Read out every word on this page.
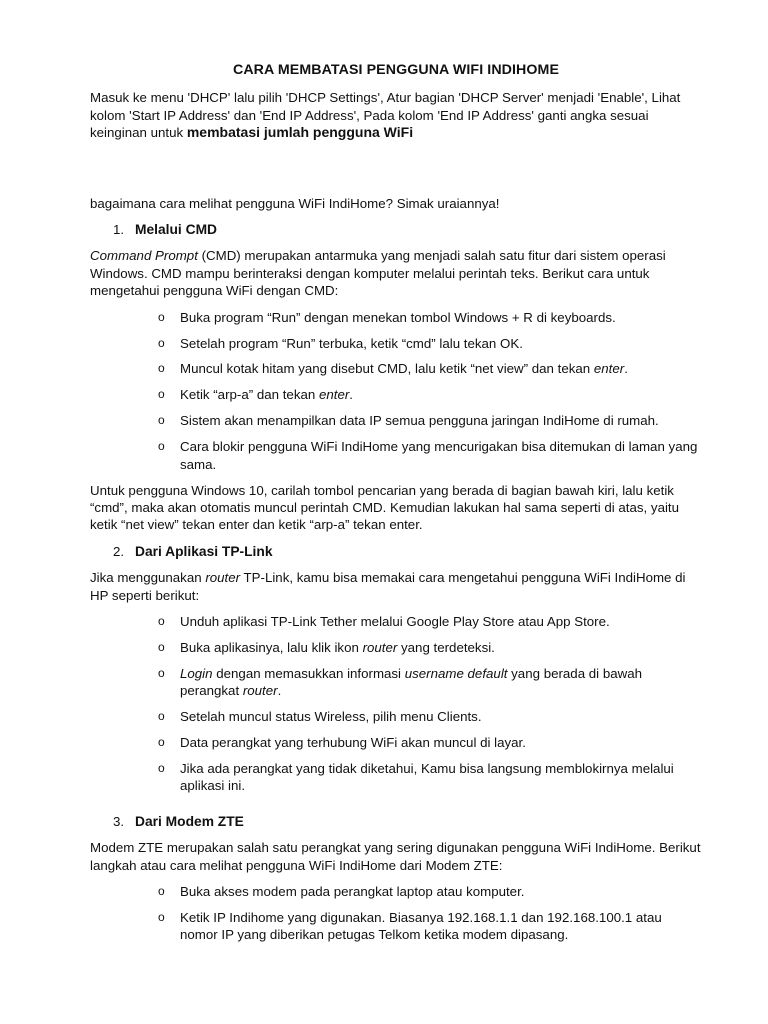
CARA MEMBATASI PENGGUNA WIFI INDIHOME

Masuk ke menu 'DHCP' lalu pilih 'DHCP Settings', Atur bagian 'DHCP Server' menjadi 'Enable', Lihat kolom 'Start IP Address' dan 'End IP Address', Pada kolom 'End IP Address' ganti angka sesuai keinginan untuk membatasi jumlah pengguna WiFi

bagaimana cara melihat pengguna WiFi IndiHome? Simak uraiannya!

1. Melalui CMD

Command Prompt (CMD) merupakan antarmuka yang menjadi salah satu fitur dari sistem operasi Windows. CMD mampu berinteraksi dengan komputer melalui perintah teks. Berikut cara untuk mengetahui pengguna WiFi dengan CMD:

o Buka program “Run” dengan menekan tombol Windows + R di keyboards.
o Setelah program “Run” terbuka, ketik “cmd” lalu tekan OK.
o Muncul kotak hitam yang disebut CMD, lalu ketik “net view” dan tekan enter.
o Ketik “arp-a” dan tekan enter.
o Sistem akan menampilkan data IP semua pengguna jaringan IndiHome di rumah.
o Cara blokir pengguna WiFi IndiHome yang mencurigakan bisa ditemukan di laman yang sama.

Untuk pengguna Windows 10, carilah tombol pencarian yang berada di bagian bawah kiri, lalu ketik “cmd”, maka akan otomatis muncul perintah CMD. Kemudian lakukan hal sama seperti di atas, yaitu ketik “net view” tekan enter dan ketik “arp-a” tekan enter.

2. Dari Aplikasi TP-Link

Jika menggunakan router TP-Link, kamu bisa memakai cara mengetahui pengguna WiFi IndiHome di HP seperti berikut:

o Unduh aplikasi TP-Link Tether melalui Google Play Store atau App Store.
o Buka aplikasinya, lalu klik ikon router yang terdeteksi.
o Login dengan memasukkan informasi username default yang berada di bawah perangkat router.
o Setelah muncul status Wireless, pilih menu Clients.
o Data perangkat yang terhubung WiFi akan muncul di layar.
o Jika ada perangkat yang tidak diketahui, Kamu bisa langsung memblokirnya melalui aplikasi ini.
3. Dari Modem ZTE

Modem ZTE merupakan salah satu perangkat yang sering digunakan pengguna WiFi IndiHome. Berikut langkah atau cara melihat pengguna WiFi IndiHome dari Modem ZTE:

o Buka akses modem pada perangkat laptop atau komputer.
o Ketik IP Indihome yang digunakan. Biasanya 192.168.1.1 dan 192.168.100.1 atau nomor IP yang diberikan petugas Telkom ketika modem dipasang.
